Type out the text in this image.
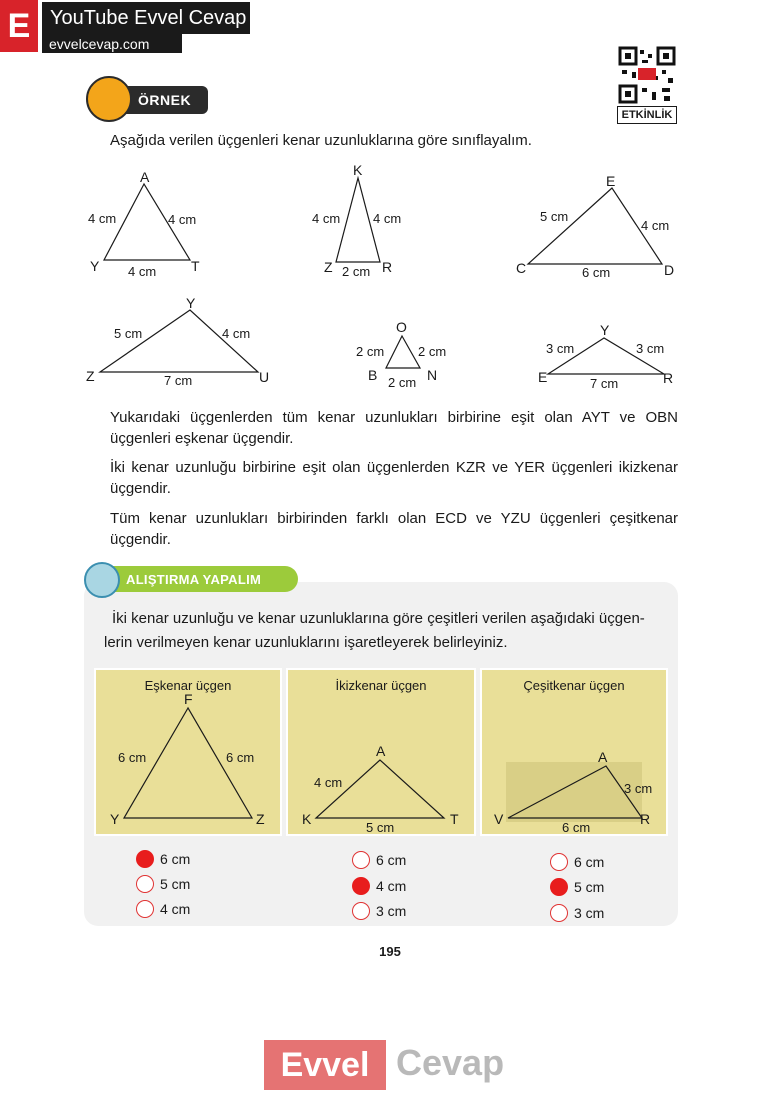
E YouTube Evvel Cevap
evvelcevap.com
ETKİNLİK
ÖRNEK
Aşağıda verilen üçgenleri kenar uzunluklarına göre sınıflayalım.
A
Y	T
4 cm	4 cm
4 cm
K
Z	R
4 cm	4 cm
2 cm
E
C	D
5 cm
4 cm
6 cm
Y
Z	U
5 cm	4 cm
7 cm
O
B	N
2 cm	2 cm
2 cm
Y
E	R
3 cm	3 cm
7 cm
Yukarıdaki üçgenlerden tüm kenar uzunlukları birbirine eşit olan AYT ve OBN
üçgenleri eşkenar üçgendir.
İki kenar uzunluğu birbirine eşit olan üçgenlerden KZR ve YER üçgenleri ikizkenar
üçgendir.
Tüm kenar uzunlukları birbirinden farklı olan ECD ve YZU üçgenleri çeşitkenar
üçgendir.
ALIŞTIRMA YAPALIM
İki kenar uzunluğu ve kenar uzunluklarına göre çeşitleri verilen aşağıdaki üçgen-
lerin verilmeyen kenar uzunluklarını işaretleyerek belirleyiniz.
Eşkenar üçgen
F
Y	Z
6 cm	6 cm
İkizkenar üçgen
A
K	T
4 cm
5 cm
Çeşitkenar üçgen
A
V	R
3 cm
6 cm
6 cm
5 cm
4 cm
6 cm
4 cm
3 cm
6 cm
5 cm
3 cm
195
Evvel Cevap
